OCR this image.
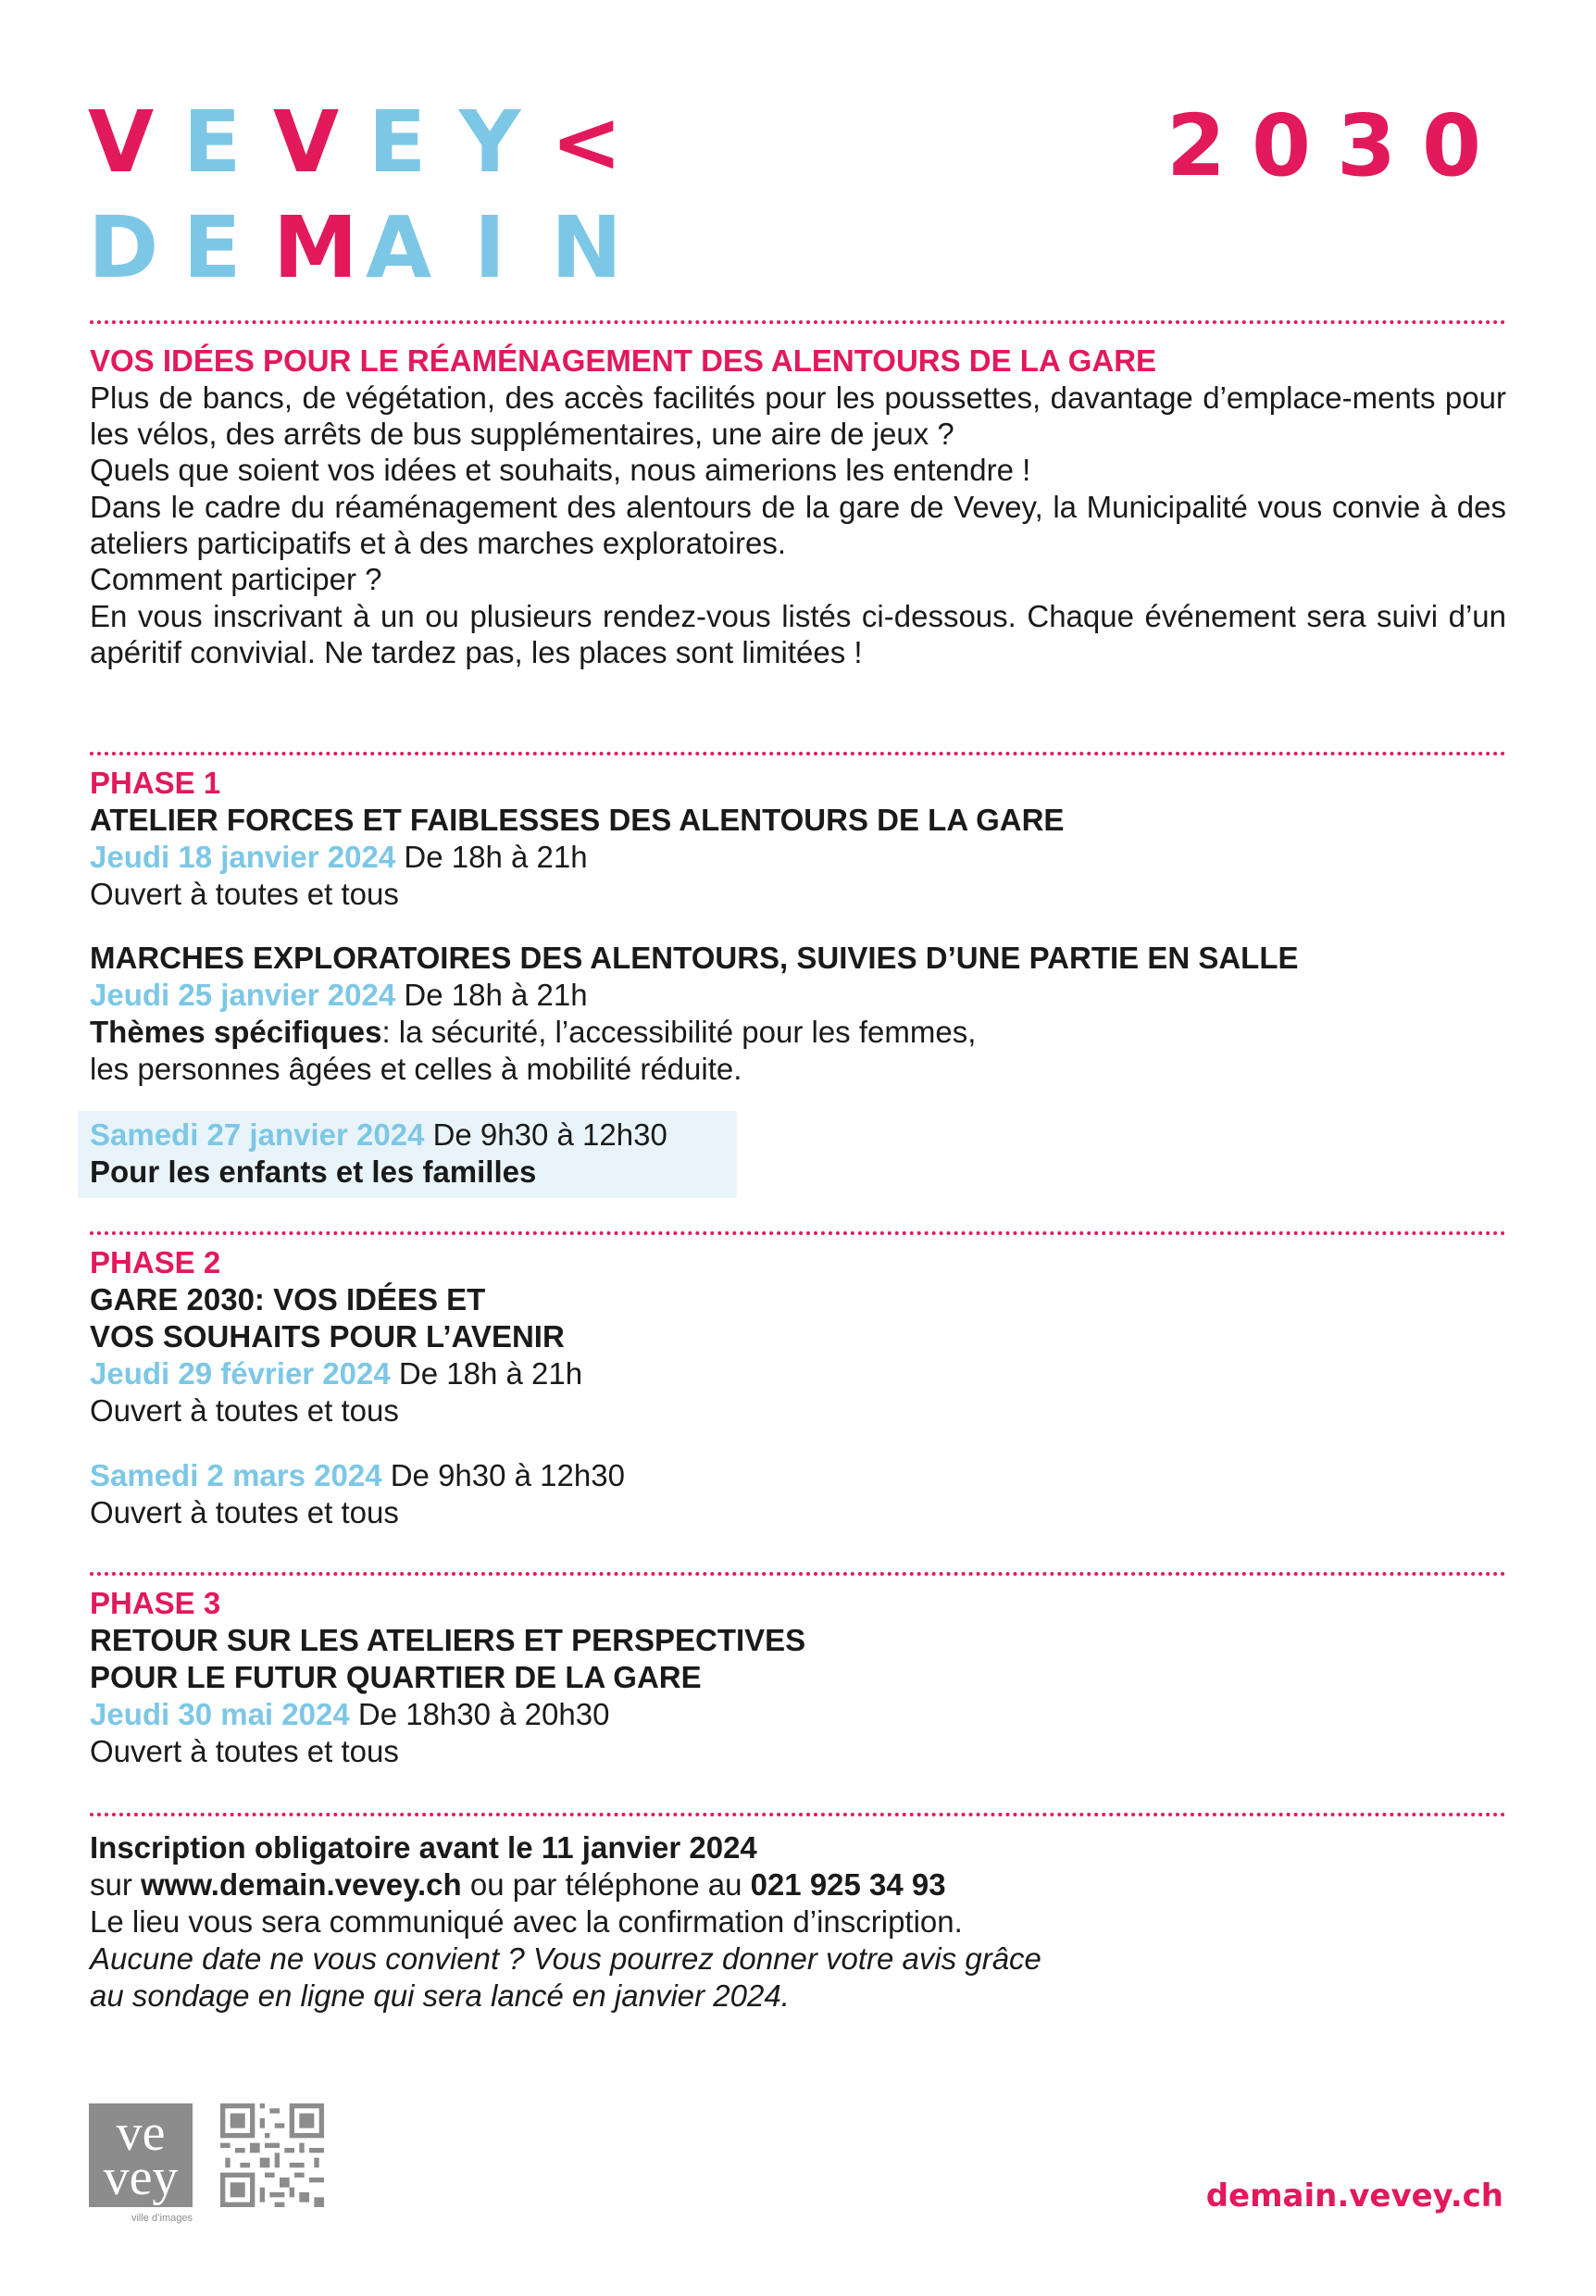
V E V E Y <
D E M A I N
2030
VOS IDÉES POUR LE RÉAMÉNAGEMENT DES ALENTOURS DE LA GARE
Plus de bancs, de végétation, des accès facilités pour les poussettes, davantage d’emplace-ments pour les vélos, des arrêts de bus supplémentaires, une aire de jeux ?
Quels que soient vos idées et souhaits, nous aimerions les entendre !
Dans le cadre du réaménagement des alentours de la gare de Vevey, la Municipalité vous convie à des ateliers participatifs et à des marches exploratoires.
Comment participer ?
En vous inscrivant à un ou plusieurs rendez-vous listés ci-dessous. Chaque événement sera suivi d’un apéritif convivial. Ne tardez pas, les places sont limitées !
PHASE 1
ATELIER FORCES ET FAIBLESSES DES ALENTOURS DE LA GARE
Jeudi 18 janvier 2024 De 18h à 21h
Ouvert à toutes et tous
MARCHES EXPLORATOIRES DES ALENTOURS, SUIVIES D’UNE PARTIE EN SALLE
Jeudi 25 janvier 2024 De 18h à 21h
Thèmes spécifiques: la sécurité, l’accessibilité pour les femmes,
les personnes âgées et celles à mobilité réduite.
Samedi 27 janvier 2024 De 9h30 à 12h30
Pour les enfants et les familles
PHASE 2
GARE 2030: VOS IDÉES ET
VOS SOUHAITS POUR L’AVENIR
Jeudi 29 février 2024 De 18h à 21h
Ouvert à toutes et tous
Samedi 2 mars 2024 De 9h30 à 12h30
Ouvert à toutes et tous
PHASE 3
RETOUR SUR LES ATELIERS ET PERSPECTIVES
POUR LE FUTUR QUARTIER DE LA GARE
Jeudi 30 mai 2024 De 18h30 à 20h30
Ouvert à toutes et tous
Inscription obligatoire avant le 11 janvier 2024
sur www.demain.vevey.ch ou par téléphone au 021 925 34 93
Le lieu vous sera communiqué avec la confirmation d’inscription.
Aucune date ne vous convient ? Vous pourrez donner votre avis grâce
au sondage en ligne qui sera lancé en janvier 2024.
ve
vey
ville d’images
demain.vevey.ch
